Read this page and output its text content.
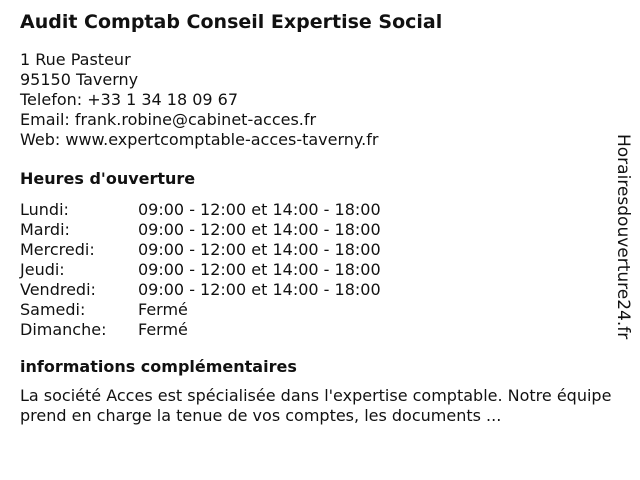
Audit Comptab Conseil Expertise Social
1 Rue Pasteur
95150 Taverny
Telefon: +33 1 34 18 09 67
Email: frank.robine@cabinet-acces.fr
Web: www.expertcomptable-acces-taverny.fr
Heures d'ouverture
Lundi:	09:00 - 12:00 et 14:00 - 18:00
Mardi:	09:00 - 12:00 et 14:00 - 18:00
Mercredi:	09:00 - 12:00 et 14:00 - 18:00
Jeudi:	09:00 - 12:00 et 14:00 - 18:00
Vendredi:	09:00 - 12:00 et 14:00 - 18:00
Samedi:	Fermé
Dimanche:	Fermé
informations complémentaires

La société Acces est spécialisée dans l'expertise comptable. Notre équipe prend en charge la tenue de vos comptes, les documents ...

Horairesdouverture24.fr
